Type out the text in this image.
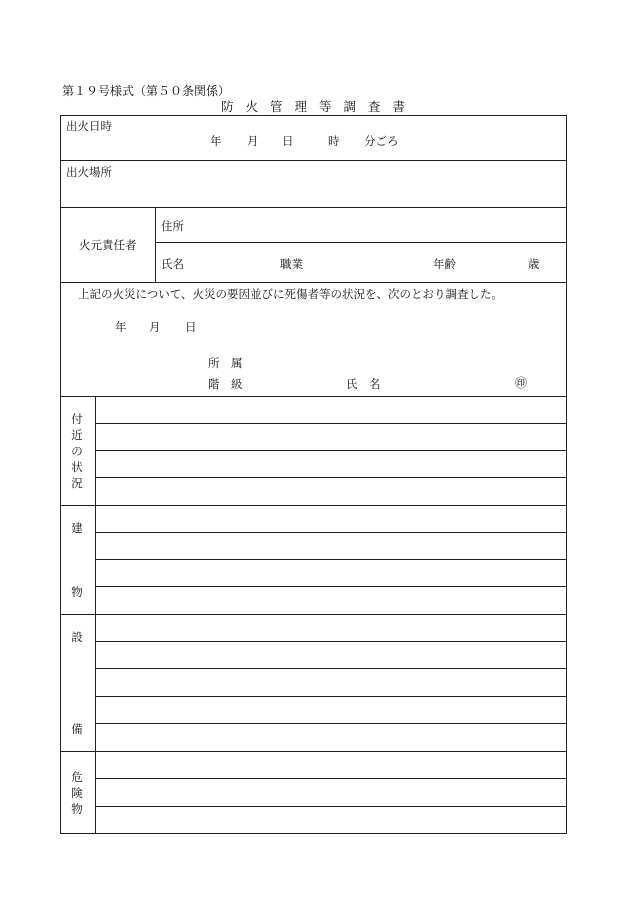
第１９号様式（第５０条関係）
防 火 管 理 等 調 査 書
出火日時
年 月 日	時 分ごろ
出火場所
火元責任者
住所
氏名	職業	年齢	歳
上記の火災について、火災の要因並びに死傷者等の状況を、次のとおり調査した。
年 月 日
所　属
階　級	氏　名	㊞
付
近
の
状
況
建
物
設
備
危
険
物
